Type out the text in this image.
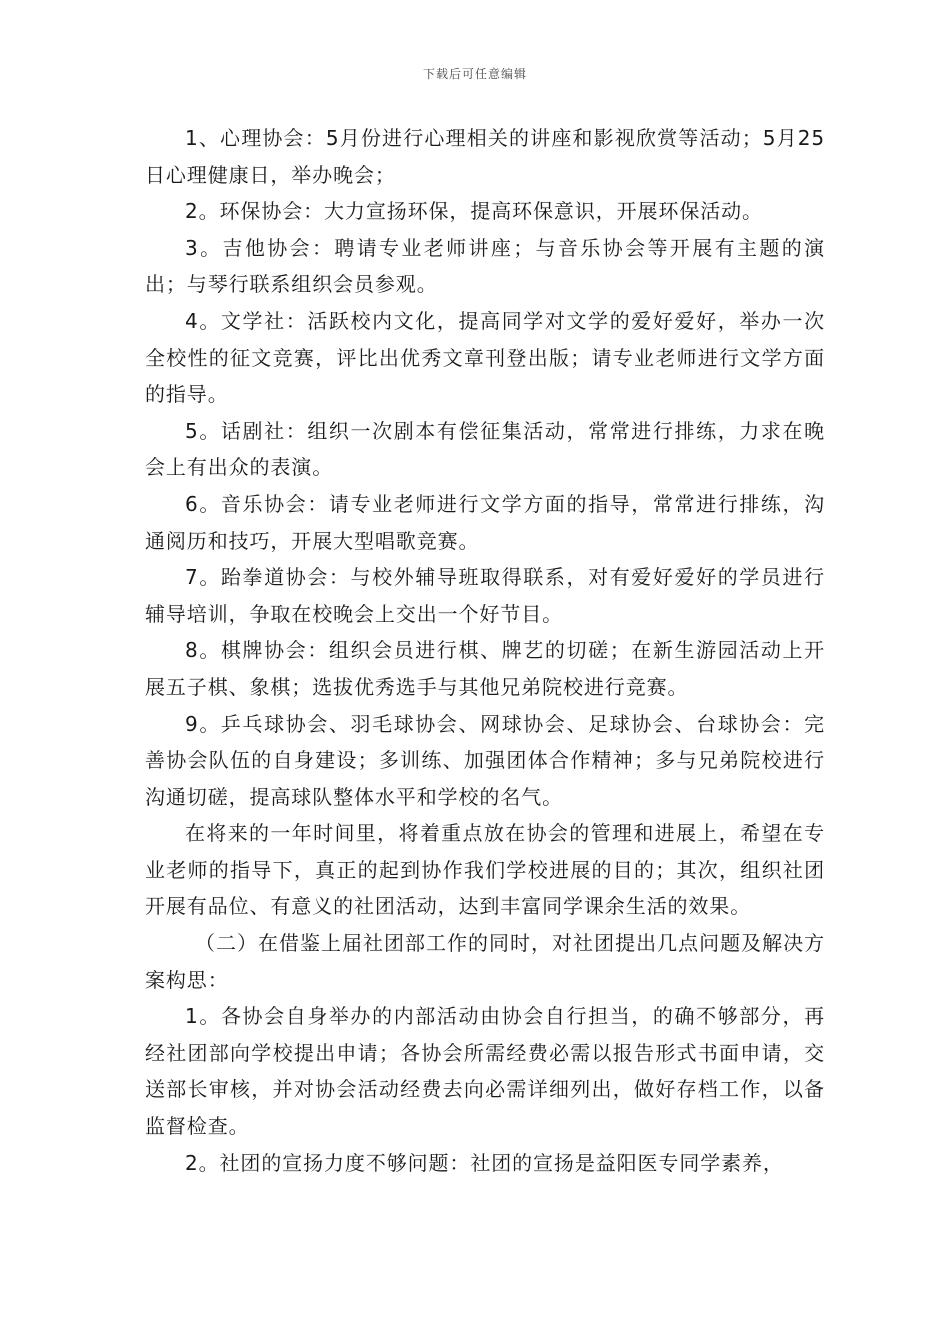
下载后可任意编辑

1、心理协会：5月份进行心理相关的讲座和影视欣赏等活动；5月25日心理健康日，举办晚会；

2。环保协会：大力宣扬环保，提高环保意识，开展环保活动。

3。吉他协会：聘请专业老师讲座；与音乐协会等开展有主题的演出；与琴行联系组织会员参观。

4。文学社：活跃校内文化，提高同学对文学的爱好爱好，举办一次全校性的征文竞赛，评比出优秀文章刊登出版；请专业老师进行文学方面的指导。

5。话剧社：组织一次剧本有偿征集活动，常常进行排练，力求在晚会上有出众的表演。

6。音乐协会：请专业老师进行文学方面的指导，常常进行排练，沟通阅历和技巧，开展大型唱歌竞赛。

7。跆拳道协会：与校外辅导班取得联系，对有爱好爱好的学员进行辅导培训，争取在校晚会上交出一个好节目。

8。棋牌协会：组织会员进行棋、牌艺的切磋；在新生游园活动上开展五子棋、象棋；选拔优秀选手与其他兄弟院校进行竞赛。

9。乒乓球协会、羽毛球协会、网球协会、足球协会、台球协会：完善协会队伍的自身建设；多训练、加强团体合作精神；多与兄弟院校进行沟通切磋，提高球队整体水平和学校的名气。

在将来的一年时间里，将着重点放在协会的管理和进展上，希望在专业老师的指导下，真正的起到协作我们学校进展的目的；其次，组织社团开展有品位、有意义的社团活动，达到丰富同学课余生活的效果。

（二）在借鉴上届社团部工作的同时，对社团提出几点问题及解决方案构思：

1。各协会自身举办的内部活动由协会自行担当，的确不够部分，再经社团部向学校提出申请；各协会所需经费必需以报告形式书面申请，交送部长审核，并对协会活动经费去向必需详细列出，做好存档工作，以备监督检查。

2。社团的宣扬力度不够问题：社团的宣扬是益阳医专同学素养，
